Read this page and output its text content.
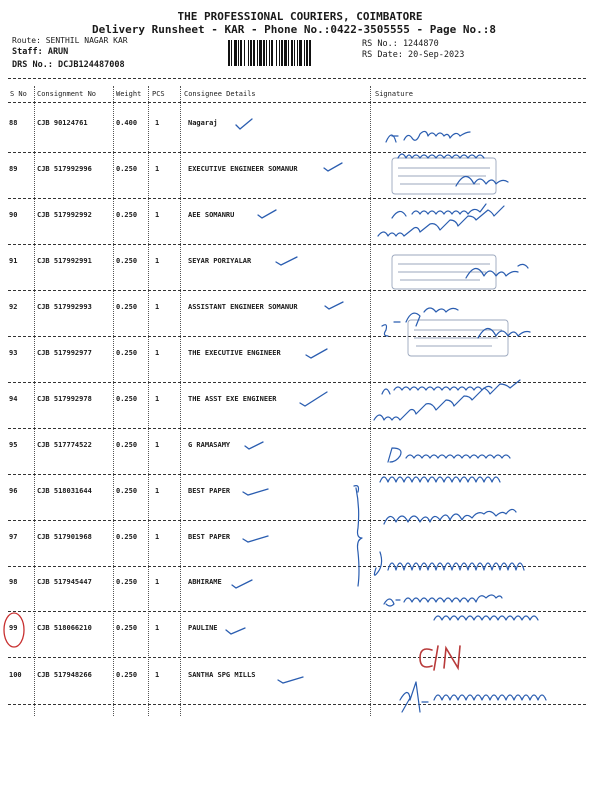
THE PROFESSIONAL COURIERS, COIMBATORE
Delivery Runsheet - KAR - Phone No.:0422-3505555 - Page No.:8
Route: SENTHIL NAGAR KAR
Staff: ARUN
DRS No.: DCJB124487008
RS No.: 1244870
RS Date: 20-Sep-2023
S No Consignment No	Weight PCS	Consignee Details	Signature
88	CJB 90124761	0.400	1	Nagaraj
89	CJB 517992996	0.250	1	EXECUTIVE ENGINEER SOMANUR
90	CJB 517992992	0.250	1	AEE SOMANRU
91	CJB 517992991	0.250	1	SEYAR PORIYALAR
92	CJB 517992993	0.250	1	ASSISTANT ENGINEER SOMANUR
93	CJB 517992977	0.250	1	THE EXECUTIVE ENGINEER
94	CJB 517992978	0.250	1	THE ASST EXE ENGINEER
95	CJB 517774522	0.250	1	G RAMASAMY
96	CJB 518031644	0.250	1	BEST PAPER
97	CJB 517901968	0.250	1	BEST PAPER
98	CJB 517945447	0.250	1	ABHIRAME
99	CJB 518066210	0.250	1	PAULINE
100 CJB 517948266	0.250	1	SANTHA SPG MILLS
